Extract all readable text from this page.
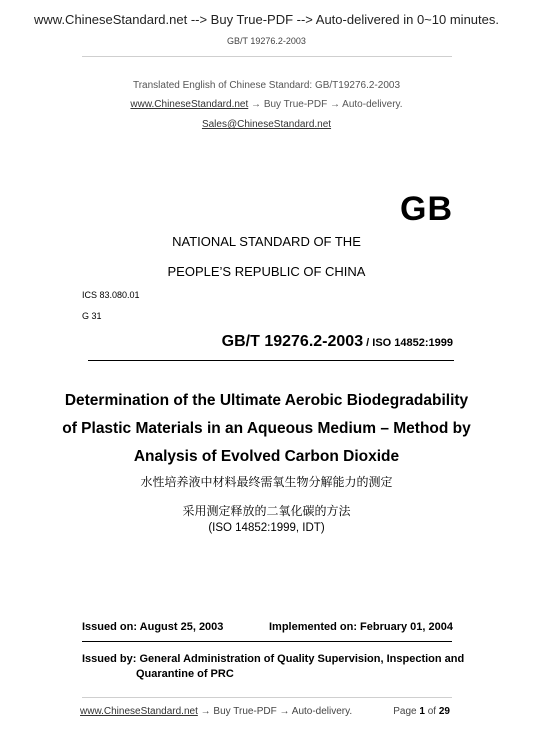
www.ChineseStandard.net --> Buy True-PDF --> Auto-delivered in 0~10 minutes.
GB/T 19276.2-2003
Translated English of Chinese Standard: GB/T19276.2-2003
www.ChineseStandard.net → Buy True-PDF → Auto-delivery.
Sales@ChineseStandard.net
GB
NATIONAL STANDARD OF THE
PEOPLE’S REPUBLIC OF CHINA
ICS 83.080.01
G 31
GB/T 19276.2-2003 / ISO 14852:1999
Determination of the Ultimate Aerobic Biodegradability
of Plastic Materials in an Aqueous Medium – Method by
Analysis of Evolved Carbon Dioxide
水性培养液中材料最终需氧生物分解能力的测定
采用测定释放的二氧化碳的方法
(ISO 14852:1999, IDT)
Issued on: August 25, 2003	Implemented on: February 01, 2004
Issued by: General Administration of Quality Supervision, Inspection and
Quarantine of PRC
www.ChineseStandard.net → Buy True-PDF → Auto-delivery.	Page 1 of 29
